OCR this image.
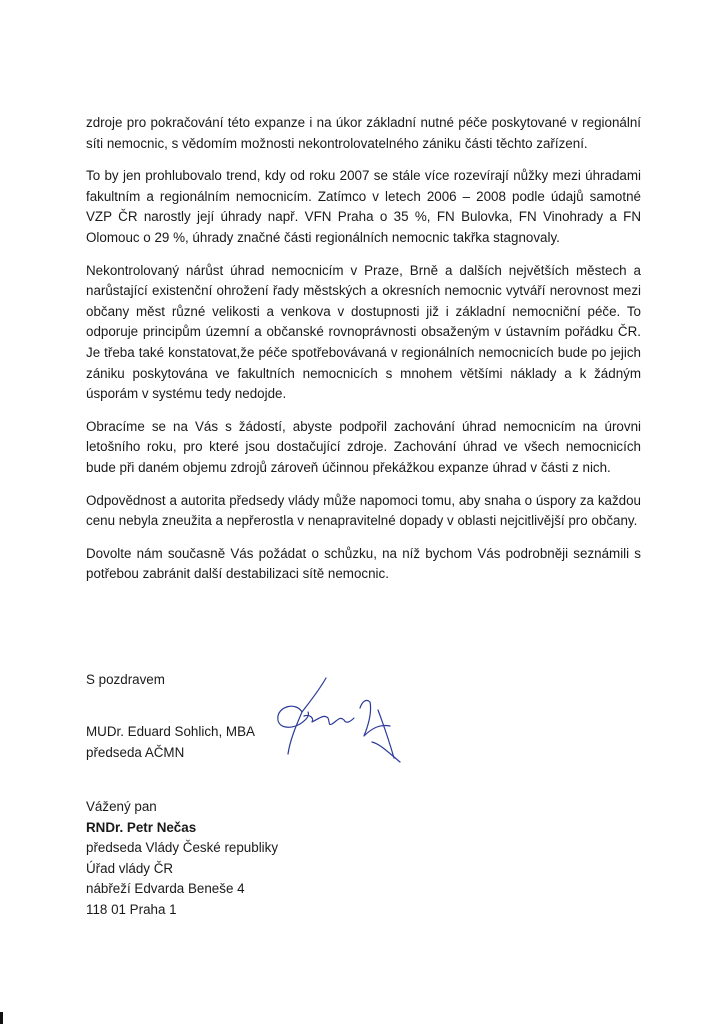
zdroje pro pokračování této expanze i na úkor základní nutné péče poskytované v regionální síti nemocnic, s vědomím možnosti nekontrolovatelného zániku části těchto zařízení.

To by jen prohlubovalo trend, kdy od roku 2007 se stále více rozevírají nůžky mezi úhradami fakultním a regionálním nemocnicím. Zatímco v letech 2006 – 2008 podle údajů samotné VZP ČR narostly její úhrady např. VFN Praha o 35 %, FN Bulovka, FN Vinohrady a FN Olomouc o 29 %, úhrady značné části regionálních nemocnic takřka stagnovaly.

Nekontrolovaný nárůst úhrad nemocnicím v Praze, Brně a dalších největších městech a narůstající existenční ohrožení řady městských a okresních nemocnic vytváří nerovnost mezi občany měst různé velikosti a venkova v dostupnosti již i základní nemocniční péče. To odporuje principům územní a občanské rovnoprávnosti obsaženým v ústavním pořádku ČR. Je třeba také konstatovat,že péče spotřebovávaná v regionálních nemocnicích bude po jejich zániku poskytována ve fakultních nemocnicích s mnohem většími náklady a k žádným úsporám v systému tedy nedojde.

Obracíme se na Vás s žádostí, abyste podpořil zachování úhrad nemocnicím na úrovni letošního roku, pro které jsou dostačující zdroje. Zachování úhrad ve všech nemocnicích bude při daném objemu zdrojů zároveň účinnou překážkou expanze úhrad v části z nich.

Odpovědnost a autorita předsedy vlády může napomoci tomu, aby snaha o úspory za každou cenu nebyla zneužita a nepřerostla v nenapravitelné dopady v oblasti nejcitlivější pro občany.

Dovolte nám současně Vás požádat o schůzku, na níž bychom Vás podrobněji seznámili s potřebou zabránit další destabilizaci sítě nemocnic.

S pozdravem
MUDr. Eduard Sohlich, MBA
předseda AČMN
Vážený pan
RNDr. Petr Nečas
předseda Vlády České republiky
Úřad vlády ČR
nábřeží Edvarda Beneše 4
118 01 Praha 1
